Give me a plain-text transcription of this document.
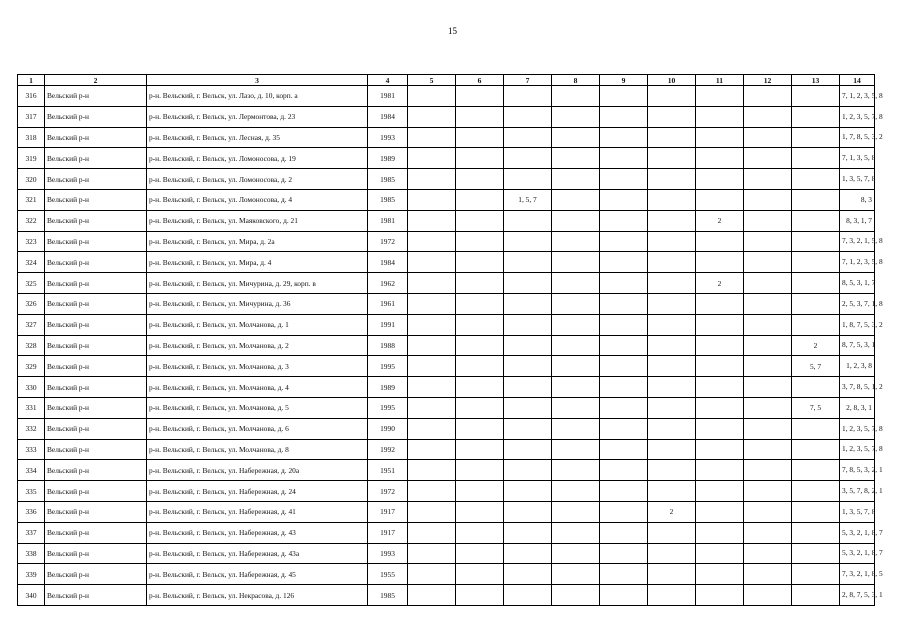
15
1	2	3	4	5	6	7	8	9	10	11	12	13	14
316	Вельский р-н	р-н. Вельский, г. Вельск, ул. Лазо, д. 10, корп. а	1981										7, 1, 2, 3, 5, 8
317	Вельский р-н	р-н. Вельский, г. Вельск, ул. Лермонтова, д. 23	1984										1, 2, 3, 5, 7, 8
318	Вельский р-н	р-н. Вельский, г. Вельск, ул. Лесная, д. 35	1993										1, 7, 8, 5, 3, 2
319	Вельский р-н	р-н. Вельский, г. Вельск, ул. Ломоносова, д. 19	1989										7, 1, 3, 5, 8
320	Вельский р-н	р-н. Вельский, г. Вельск, ул. Ломоносова, д. 2	1985										1, 3, 5, 7, 8
321	Вельский р-н	р-н. Вельский, г. Вельск, ул. Ломоносова, д. 4	1985			1, 5, 7							8, 3
322	Вельский р-н	р-н. Вельский, г. Вельск, ул. Маяковского, д. 21	1981							2			8, 3, 1, 7
323	Вельский р-н	р-н. Вельский, г. Вельск, ул. Мира, д. 2а	1972										7, 3, 2, 1, 5, 8
324	Вельский р-н	р-н. Вельский, г. Вельск, ул. Мира, д. 4	1984										7, 1, 2, 3, 5, 8
325	Вельский р-н	р-н. Вельский, г. Вельск, ул. Мичурина, д. 29, корп. в	1962							2			8, 5, 3, 1, 7
326	Вельский р-н	р-н. Вельский, г. Вельск, ул. Мичурина, д. 36	1961										2, 5, 3, 7, 1, 8
327	Вельский р-н	р-н. Вельский, г. Вельск, ул. Молчанова, д. 1	1991										1, 8, 7, 5, 3, 2
328	Вельский р-н	р-н. Вельский, г. Вельск, ул. Молчанова, д. 2	1988									2	8, 7, 5, 3, 1
329	Вельский р-н	р-н. Вельский, г. Вельск, ул. Молчанова, д. 3	1995									5, 7	1, 2, 3, 8
330	Вельский р-н	р-н. Вельский, г. Вельск, ул. Молчанова, д. 4	1989										3, 7, 8, 5, 1, 2
331	Вельский р-н	р-н. Вельский, г. Вельск, ул. Молчанова, д. 5	1995									7, 5	2, 8, 3, 1
332	Вельский р-н	р-н. Вельский, г. Вельск, ул. Молчанова, д. 6	1990										1, 2, 3, 5, 7, 8
333	Вельский р-н	р-н. Вельский, г. Вельск, ул. Молчанова, д. 8	1992										1, 2, 3, 5, 7, 8
334	Вельский р-н	р-н. Вельский, г. Вельск, ул. Набережная, д. 20а	1951										7, 8, 5, 3, 2, 1
335	Вельский р-н	р-н. Вельский, г. Вельск, ул. Набережная, д. 24	1972										3, 5, 7, 8, 2, 1
336	Вельский р-н	р-н. Вельский, г. Вельск, ул. Набережная, д. 41	1917						2				1, 3, 5, 7, 8
337	Вельский р-н	р-н. Вельский, г. Вельск, ул. Набережная, д. 43	1917										5, 3, 2, 1, 8, 7
338	Вельский р-н	р-н. Вельский, г. Вельск, ул. Набережная, д. 43а	1993										5, 3, 2, 1, 8, 7
339	Вельский р-н	р-н. Вельский, г. Вельск, ул. Набережная, д. 45	1955										7, 3, 2, 1, 8, 5
340	Вельский р-н	р-н. Вельский, г. Вельск, ул. Некрасова, д. 126	1985										2, 8, 7, 5, 3, 1
